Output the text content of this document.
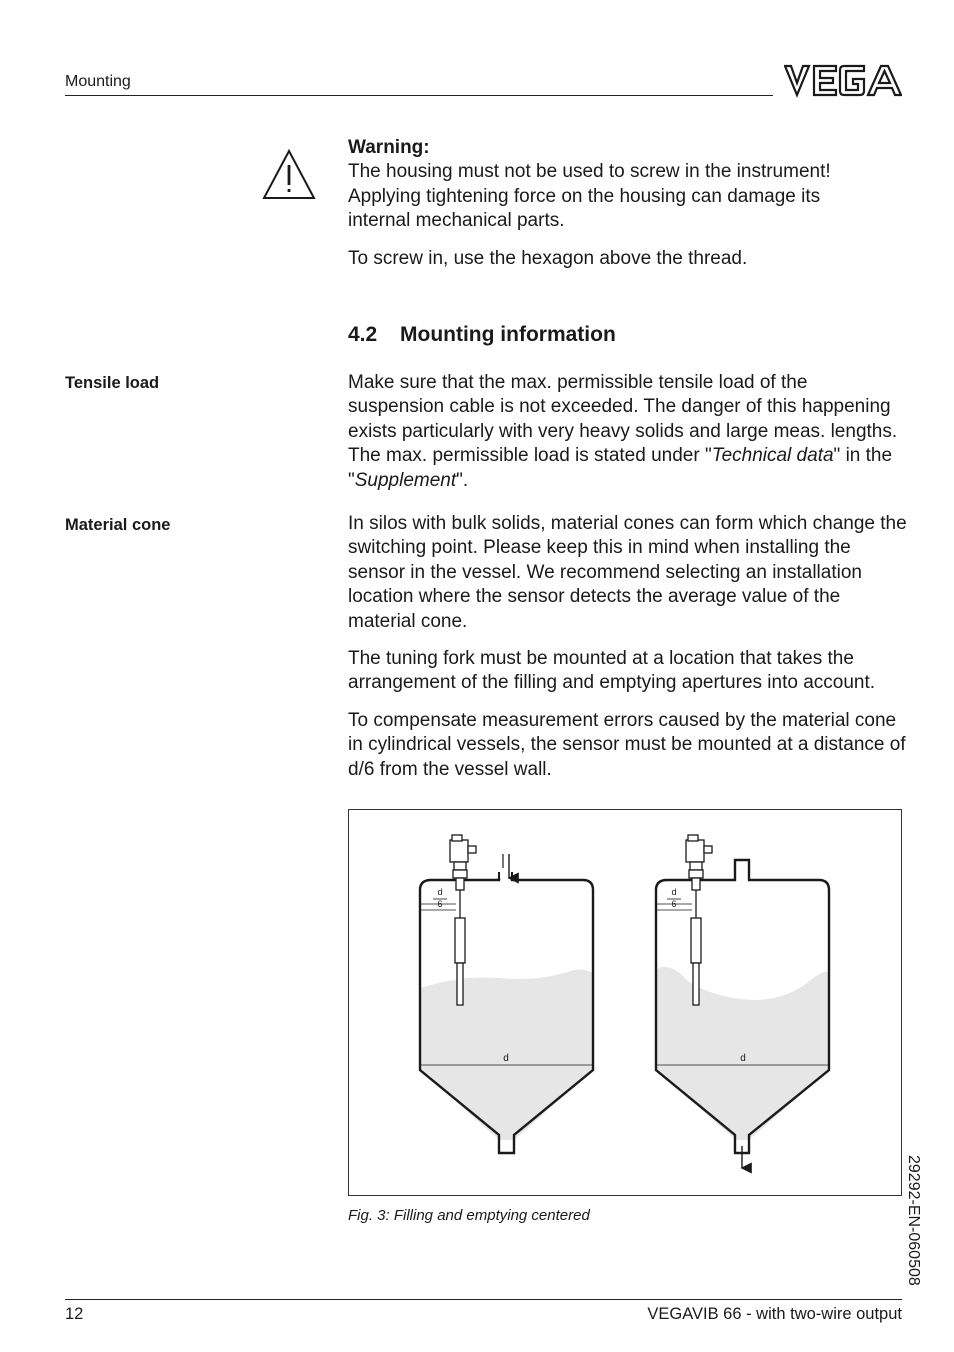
Mounting
Warning:
The housing must not be used to screw in the instrument! Applying tightening force on the housing can damage its internal mechanical parts.
To screw in, use the hexagon above the thread.
4.2 Mounting information
Tensile load	Make sure that the max. permissible tensile load of the suspension cable is not exceeded. The danger of this happening exists particularly with very heavy solids and large meas. lengths. The max. permissible load is stated under "Technical data" in the "Supplement".
Material cone	In silos with bulk solids, material cones can form which change the switching point. Please keep this in mind when installing the sensor in the vessel. We recommend selecting an installation location where the sensor detects the average value of the material cone.
The tuning fork must be mounted at a location that takes the arrangement of the filling and emptying apertures into account.
To compensate measurement errors caused by the material cone in cylindrical vessels, the sensor must be mounted at a distance of d/6 from the vessel wall.
d
6
d
d
6
d
Fig. 3: Filling and emptying centered	29292-EN-060508
12	VEGAVIB 66 - with two-wire output
